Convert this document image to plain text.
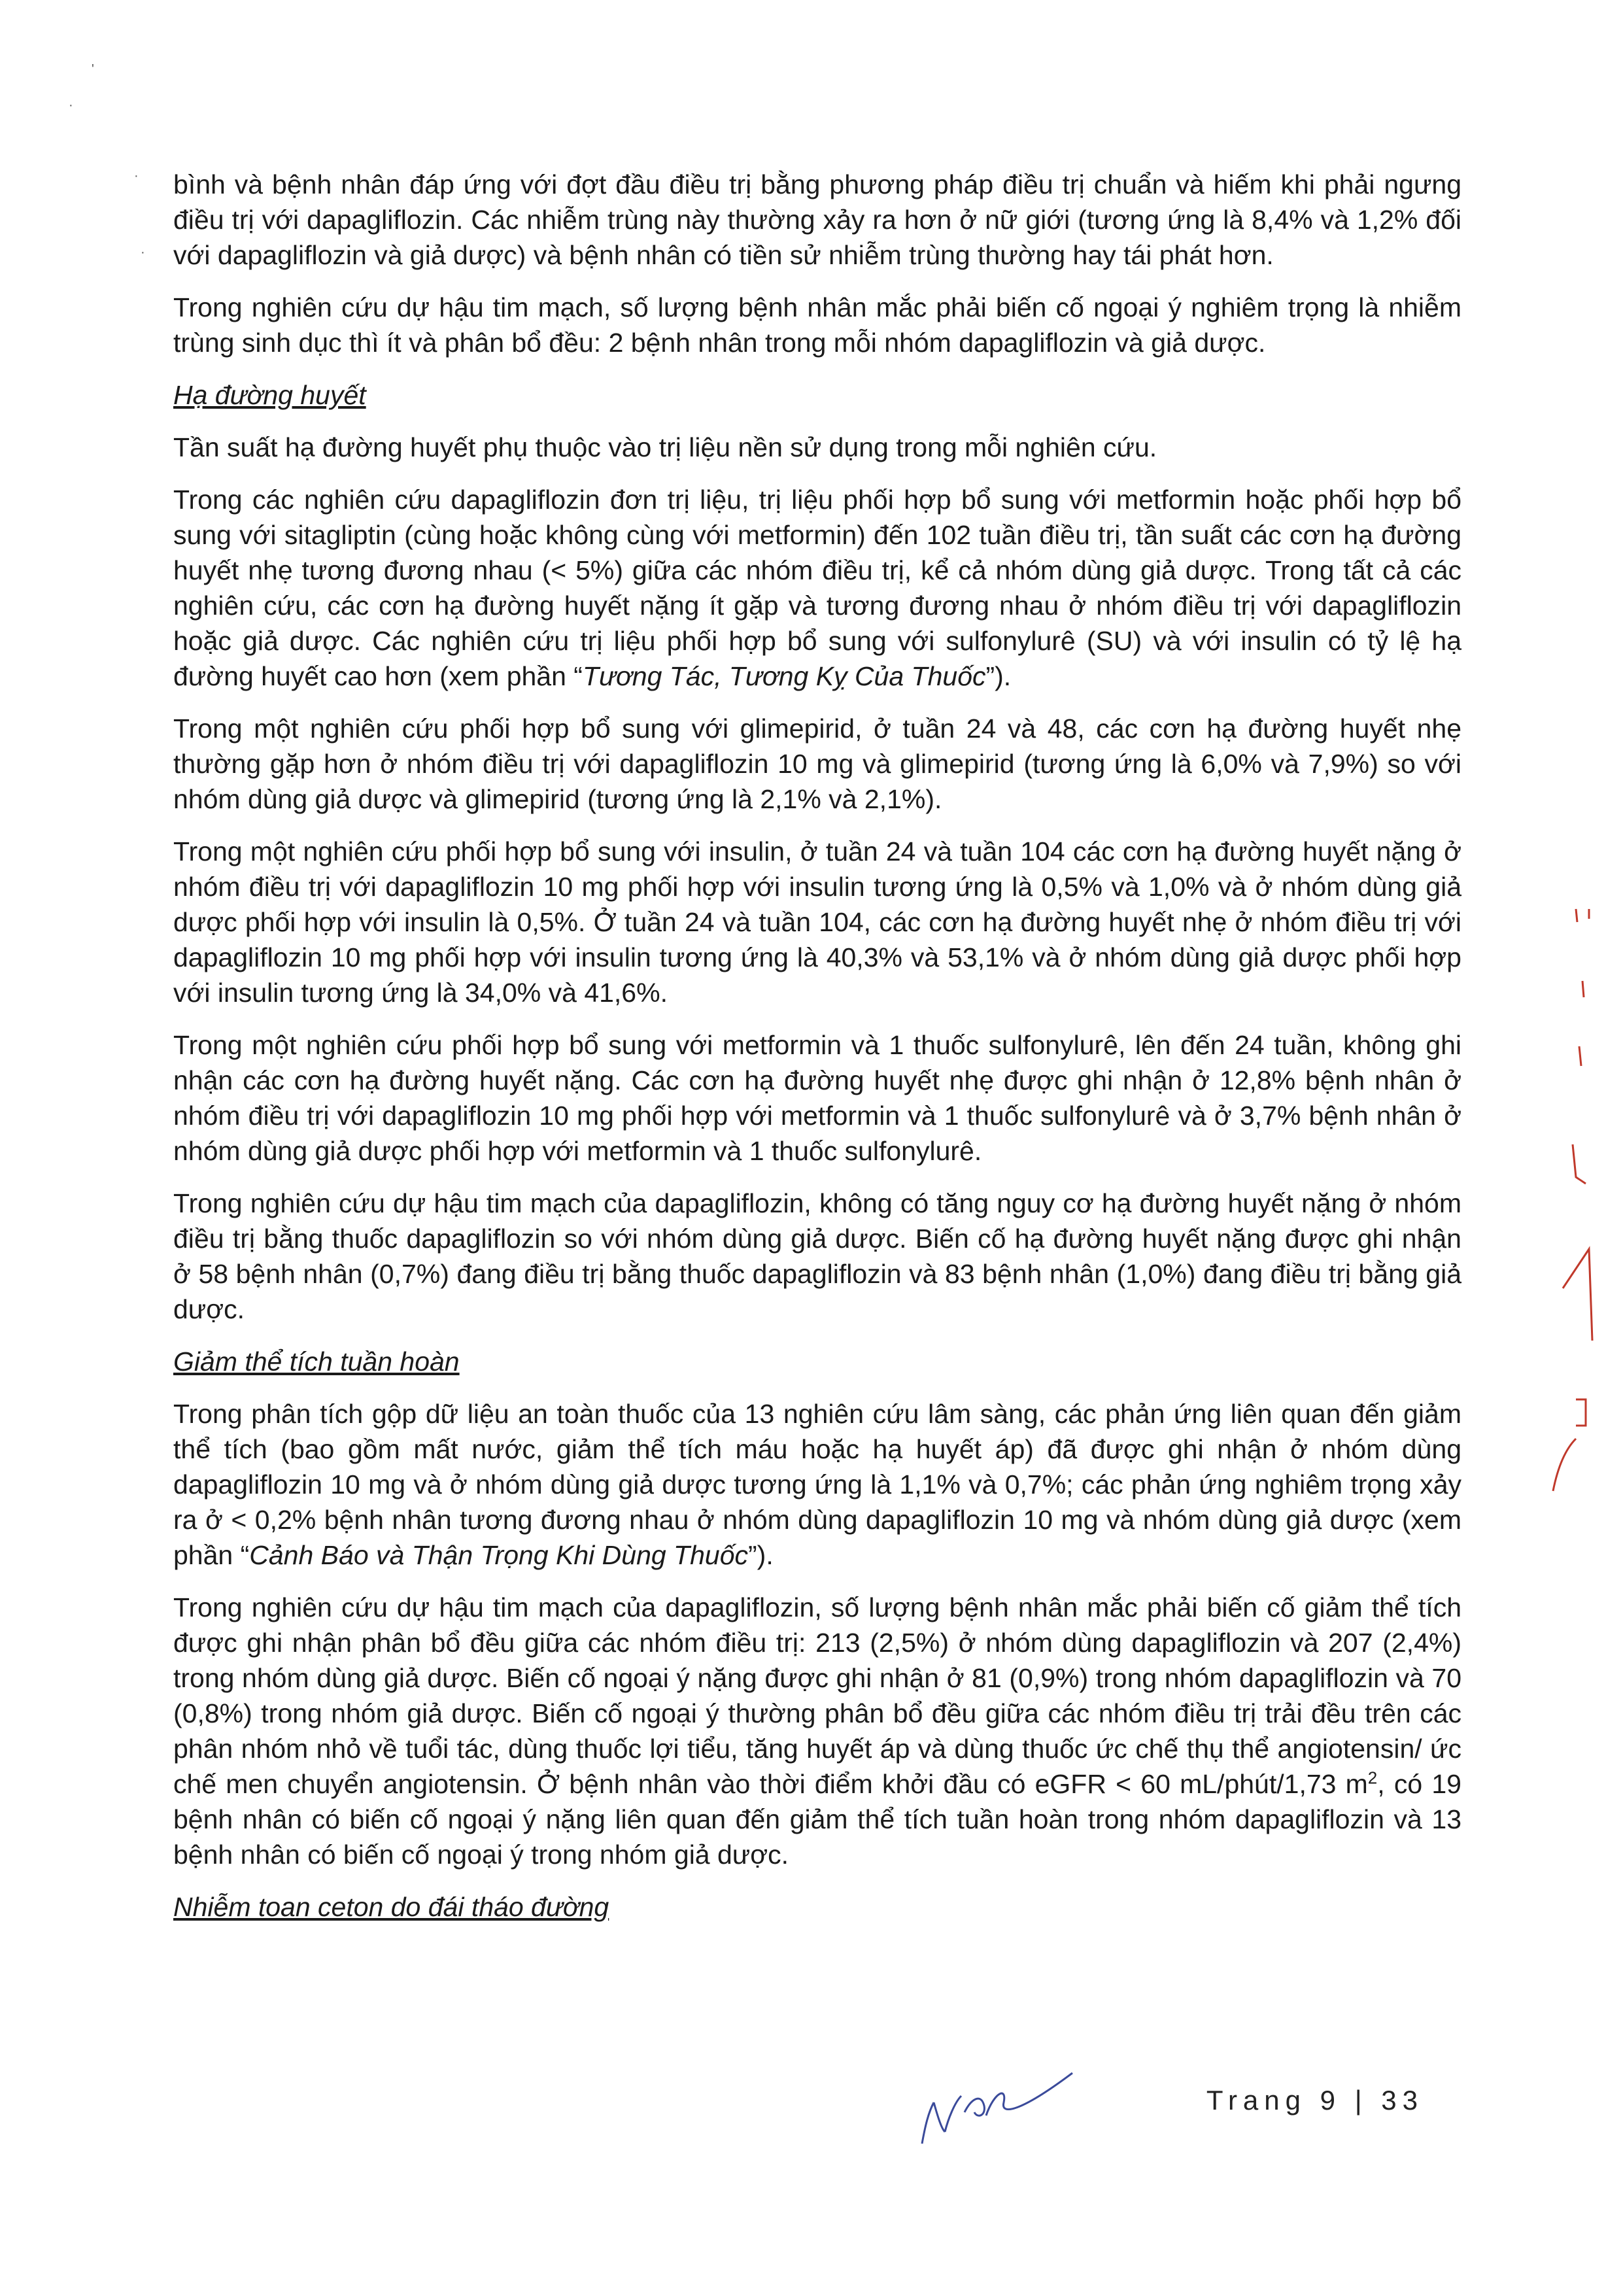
'
·
·
·

bình và bệnh nhân đáp ứng với đợt đầu điều trị bằng phương pháp điều trị chuẩn và hiếm khi phải ngưng điều trị với dapagliflozin. Các nhiễm trùng này thường xảy ra hơn ở nữ giới (tương ứng là 8,4% và 1,2% đối với dapagliflozin và giả dược) và bệnh nhân có tiền sử nhiễm trùng thường hay tái phát hơn.

Trong nghiên cứu dự hậu tim mạch, số lượng bệnh nhân mắc phải biến cố ngoại ý nghiêm trọng là nhiễm trùng sinh dục thì ít và phân bổ đều: 2 bệnh nhân trong mỗi nhóm dapagliflozin và giả dược.

Hạ đường huyết

Tần suất hạ đường huyết phụ thuộc vào trị liệu nền sử dụng trong mỗi nghiên cứu.

Trong các nghiên cứu dapagliflozin đơn trị liệu, trị liệu phối hợp bổ sung với metformin hoặc phối hợp bổ sung với sitagliptin (cùng hoặc không cùng với metformin) đến 102 tuần điều trị, tần suất các cơn hạ đường huyết nhẹ tương đương nhau (< 5%) giữa các nhóm điều trị, kể cả nhóm dùng giả dược. Trong tất cả các nghiên cứu, các cơn hạ đường huyết nặng ít gặp và tương đương nhau ở nhóm điều trị với dapagliflozin hoặc giả dược. Các nghiên cứu trị liệu phối hợp bổ sung với sulfonylurê (SU) và với insulin có tỷ lệ hạ đường huyết cao hơn (xem phần “Tương Tác, Tương Kỵ Của Thuốc”).

Trong một nghiên cứu phối hợp bổ sung với glimepirid, ở tuần 24 và 48, các cơn hạ đường huyết nhẹ thường gặp hơn ở nhóm điều trị với dapagliflozin 10 mg và glimepirid (tương ứng là 6,0% và 7,9%) so với nhóm dùng giả dược và glimepirid (tương ứng là 2,1% và 2,1%).

Trong một nghiên cứu phối hợp bổ sung với insulin, ở tuần 24 và tuần 104 các cơn hạ đường huyết nặng ở nhóm điều trị với dapagliflozin 10 mg phối hợp với insulin tương ứng là 0,5% và 1,0% và ở nhóm dùng giả dược phối hợp với insulin là 0,5%. Ở tuần 24 và tuần 104, các cơn hạ đường huyết nhẹ ở nhóm điều trị với dapagliflozin 10 mg phối hợp với insulin tương ứng là 40,3% và 53,1% và ở nhóm dùng giả dược phối hợp với insulin tương ứng là 34,0% và 41,6%.

Trong một nghiên cứu phối hợp bổ sung với metformin và 1 thuốc sulfonylurê, lên đến 24 tuần, không ghi nhận các cơn hạ đường huyết nặng. Các cơn hạ đường huyết nhẹ được ghi nhận ở 12,8% bệnh nhân ở nhóm điều trị với dapagliflozin 10 mg phối hợp với metformin và 1 thuốc sulfonylurê và ở 3,7% bệnh nhân ở nhóm dùng giả dược phối hợp với metformin và 1 thuốc sulfonylurê.

Trong nghiên cứu dự hậu tim mạch của dapagliflozin, không có tăng nguy cơ hạ đường huyết nặng ở nhóm điều trị bằng thuốc dapagliflozin so với nhóm dùng giả dược. Biến cố hạ đường huyết nặng được ghi nhận ở 58 bệnh nhân (0,7%) đang điều trị bằng thuốc dapagliflozin và 83 bệnh nhân (1,0%) đang điều trị bằng giả dược.

Giảm thể tích tuần hoàn

Trong phân tích gộp dữ liệu an toàn thuốc của 13 nghiên cứu lâm sàng, các phản ứng liên quan đến giảm thể tích (bao gồm mất nước, giảm thể tích máu hoặc hạ huyết áp) đã được ghi nhận ở nhóm dùng dapagliflozin 10 mg và ở nhóm dùng giả dược tương ứng là 1,1% và 0,7%; các phản ứng nghiêm trọng xảy ra ở < 0,2% bệnh nhân tương đương nhau ở nhóm dùng dapagliflozin 10 mg và nhóm dùng giả dược (xem phần “Cảnh Báo và Thận Trọng Khi Dùng Thuốc”).

Trong nghiên cứu dự hậu tim mạch của dapagliflozin, số lượng bệnh nhân mắc phải biến cố giảm thể tích được ghi nhận phân bổ đều giữa các nhóm điều trị: 213 (2,5%) ở nhóm dùng dapagliflozin và 207 (2,4%) trong nhóm dùng giả dược. Biến cố ngoại ý nặng được ghi nhận ở 81 (0,9%) trong nhóm dapagliflozin và 70 (0,8%) trong nhóm giả dược. Biến cố ngoại ý thường phân bổ đều giữa các nhóm điều trị trải đều trên các phân nhóm nhỏ về tuổi tác, dùng thuốc lợi tiểu, tăng huyết áp và dùng thuốc ức chế thụ thể angiotensin/ ức chế men chuyển angiotensin. Ở bệnh nhân vào thời điểm khởi đầu có eGFR < 60 mL/phút/1,73 $m^2$, có 19 bệnh nhân có biến cố ngoại ý nặng liên quan đến giảm thể tích tuần hoàn trong nhóm dapagliflozin và 13 bệnh nhân có biến cố ngoại ý trong nhóm giả dược.

Nhiễm toan ceton do đái tháo đường
Trang 9 | 33
